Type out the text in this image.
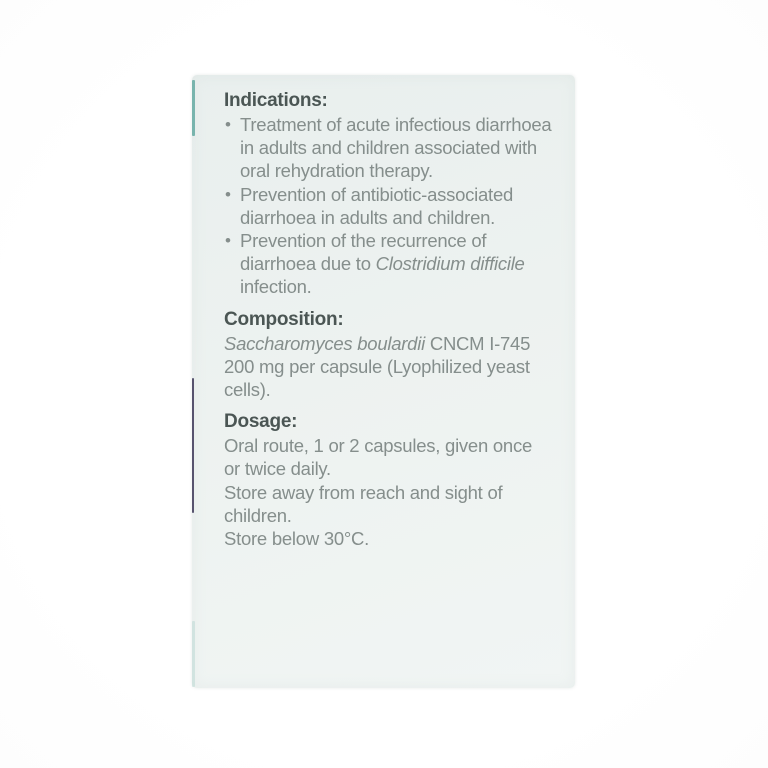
Indications:
• Treatment of acute infectious diarrhoea
in adults and children associated with
oral rehydration therapy.
• Prevention of antibiotic-associated
diarrhoea in adults and children.
• Prevention of the recurrence of
diarrhoea due to Clostridium difficile
infection.
Composition:
Saccharomyces boulardii CNCM I-745
200 mg per capsule (Lyophilized yeast
cells).
Dosage:
Oral route, 1 or 2 capsules, given once
or twice daily.
Store away from reach and sight of
children.
Store below 30°C.
